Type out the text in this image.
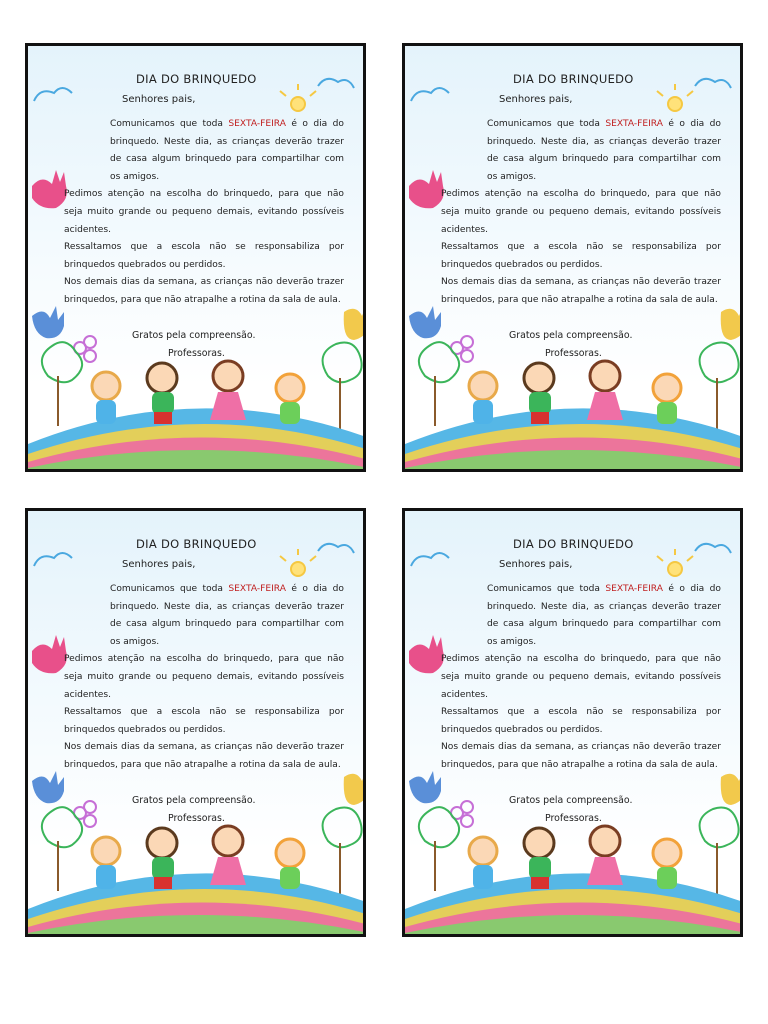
DIA DO BRINQUEDO
Senhores pais,

Comunicamos que toda SEXTA-FEIRA é o dia do brinquedo. Neste dia, as crianças deverão trazer de casa algum brinquedo para compartilhar com os amigos.

Pedimos atenção na escolha do brinquedo, para que não seja muito grande ou pequeno demais, evitando possíveis acidentes.

Ressaltamos que a escola não se responsabiliza por brinquedos quebrados ou perdidos.

Nos demais dias da semana, as crianças não deverão trazer brinquedos, para que não atrapalhe a rotina da sala de aula.

Gratos pela compreensão.
Professoras.
DIA DO BRINQUEDO
Senhores pais,

Comunicamos que toda SEXTA-FEIRA é o dia do brinquedo. Neste dia, as crianças deverão trazer de casa algum brinquedo para compartilhar com os amigos.

Pedimos atenção na escolha do brinquedo, para que não seja muito grande ou pequeno demais, evitando possíveis acidentes.

Ressaltamos que a escola não se responsabiliza por brinquedos quebrados ou perdidos.

Nos demais dias da semana, as crianças não deverão trazer brinquedos, para que não atrapalhe a rotina da sala de aula.

Gratos pela compreensão.
Professoras.
DIA DO BRINQUEDO
Senhores pais,

Comunicamos que toda SEXTA-FEIRA é o dia do brinquedo. Neste dia, as crianças deverão trazer de casa algum brinquedo para compartilhar com os amigos.

Pedimos atenção na escolha do brinquedo, para que não seja muito grande ou pequeno demais, evitando possíveis acidentes.

Ressaltamos que a escola não se responsabiliza por brinquedos quebrados ou perdidos.

Nos demais dias da semana, as crianças não deverão trazer brinquedos, para que não atrapalhe a rotina da sala de aula.

Gratos pela compreensão.
Professoras.
DIA DO BRINQUEDO
Senhores pais,

Comunicamos que toda SEXTA-FEIRA é o dia do brinquedo. Neste dia, as crianças deverão trazer de casa algum brinquedo para compartilhar com os amigos.

Pedimos atenção na escolha do brinquedo, para que não seja muito grande ou pequeno demais, evitando possíveis acidentes.

Ressaltamos que a escola não se responsabiliza por brinquedos quebrados ou perdidos.

Nos demais dias da semana, as crianças não deverão trazer brinquedos, para que não atrapalhe a rotina da sala de aula.

Gratos pela compreensão.
Professoras.
